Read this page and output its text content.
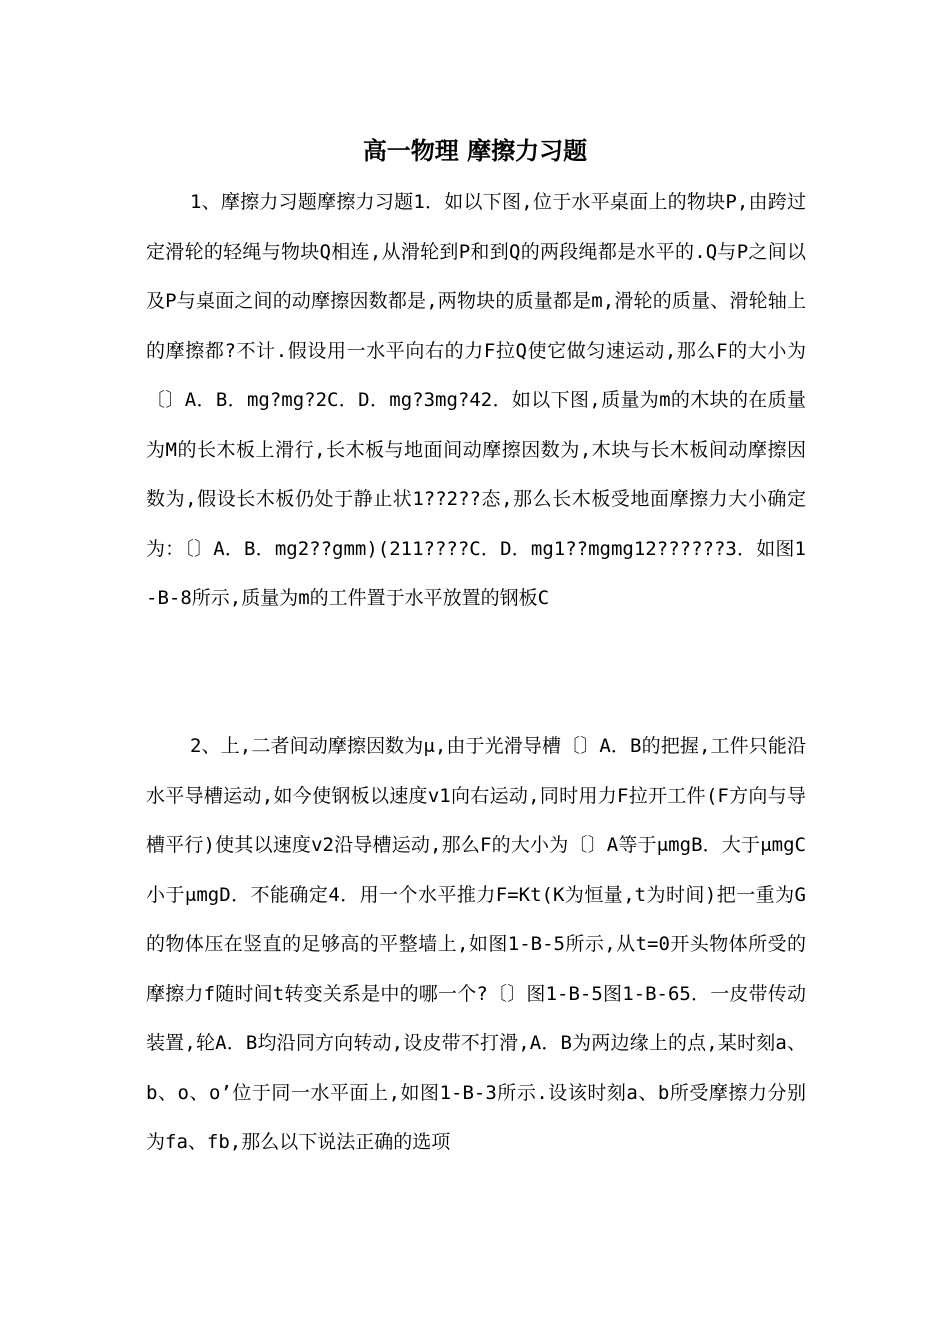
高一物理 摩擦力习题

1、摩擦力习题摩擦力习题1．如以下图,位于水平桌面上的物块P,由跨过定滑轮的轻绳与物块Q相连,从滑轮到P和到Q的两段绳都是水平的.Q与P之间以及P与桌面之间的动摩擦因数都是,两物块的质量都是m,滑轮的质量、滑轮轴上的摩擦都?不计.假设用一水平向右的力F拉Q使它做匀速运动,那么F的大小为〔〕A．B．mg?mg?2C．D．mg?3mg?42．如以下图,质量为m的木块的在质量为M的长木板上滑行,长木板与地面间动摩擦因数为,木块与长木板间动摩擦因数为,假设长木板仍处于静止状1??2??态,那么长木板受地面摩擦力大小确定为：〔〕A．B．mg2??gmm)(211????C．D．mg1??mgmg12??????3．如图1-B-8所示,质量为m的工件置于水平放置的钢板C

2、上,二者间动摩擦因数为μ,由于光滑导槽〔〕A．B的把握,工件只能沿水平导槽运动,如今使钢板以速度v1向右运动,同时用力F拉开工件(F方向与导槽平行)使其以速度v2沿导槽运动,那么F的大小为〔〕A等于μmgB．大于μmgC小于μmgD．不能确定4．用一个水平推力F=Kt(K为恒量,t为时间)把一重为G的物体压在竖直的足够高的平整墙上,如图1-B-5所示,从t=0开头物体所受的摩擦力f随时间t转变关系是中的哪一个?〔〕图1-B-5图1-B-65．一皮带传动装置,轮A．B均沿同方向转动,设皮带不打滑,A．B为两边缘上的点,某时刻a、b、o、o’位于同一水平面上,如图1-B-3所示.设该时刻a、b所受摩擦力分别为fa、fb,那么以下说法正确的选项
